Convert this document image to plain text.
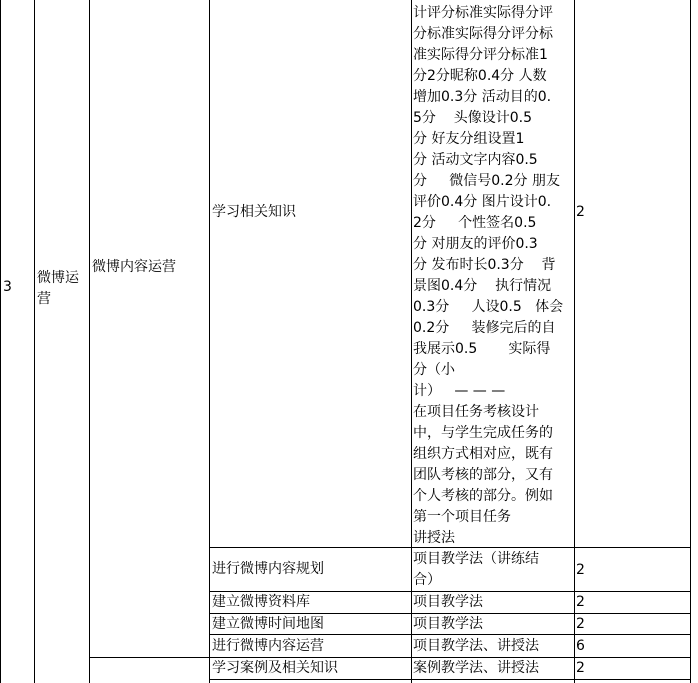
3
微博运
营
微博内容运营
学习相关知识
进行微博内容规划
建立微博资料库
建立微博时间地图
进行微博内容运营
学习案例及相关知识
计评分标准实际得分评
分标准实际得分评分标
准实际得分评分标准1
分2分昵称0.4分 人数
增加0.3分 活动目的0.
5分    头像设计0.5
分 好友分组设置1
分 活动文字内容0.5
分     微信号0.2分 朋友
评价0.4分 图片设计0.
2分     个性签名0.5
分 对朋友的评价0.3
分 发布时长0.3分    背
景图0.4分    执行情况
0.3分     人设0.5   体会
0.2分     装修完后的自
我展示0.5       实际得
分（小
计）   — — —
在项目任务考核设计
中，与学生完成任务的
组织方式相对应，既有
团队考核的部分，又有
个人考核的部分。例如
第一个项目任务
讲授法
项目教学法（讲练结
合）
项目教学法
项目教学法
项目教学法、讲授法
案例教学法、讲授法
2
2
2
2
6
2
